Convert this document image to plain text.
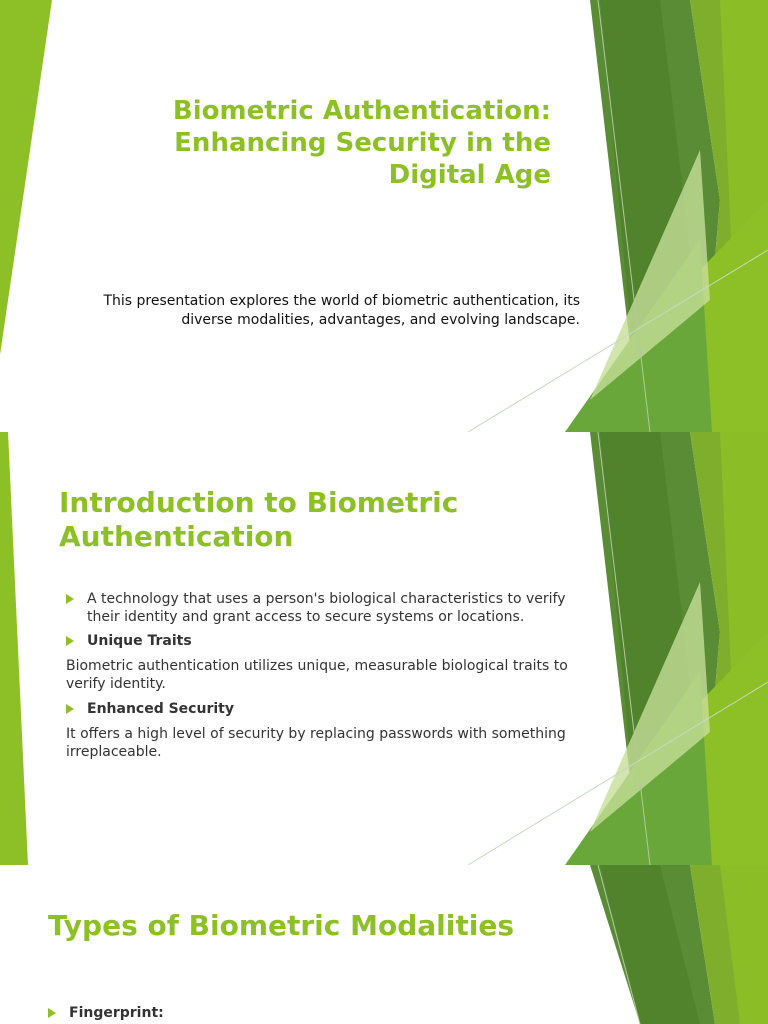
Biometric Authentication: Enhancing Security in the Digital Age

This presentation explores the world of biometric authentication, its diverse modalities, advantages, and evolving landscape.

Introduction to Biometric Authentication
A technology that uses a person's biological characteristics to verify their identity and grant access to secure systems or locations.
Unique Traits

Biometric authentication utilizes unique, measurable biological traits to verify identity.

Enhanced Security

It offers a high level of security by replacing passwords with something irreplaceable.

Types of Biometric Modalities
Fingerprint:
